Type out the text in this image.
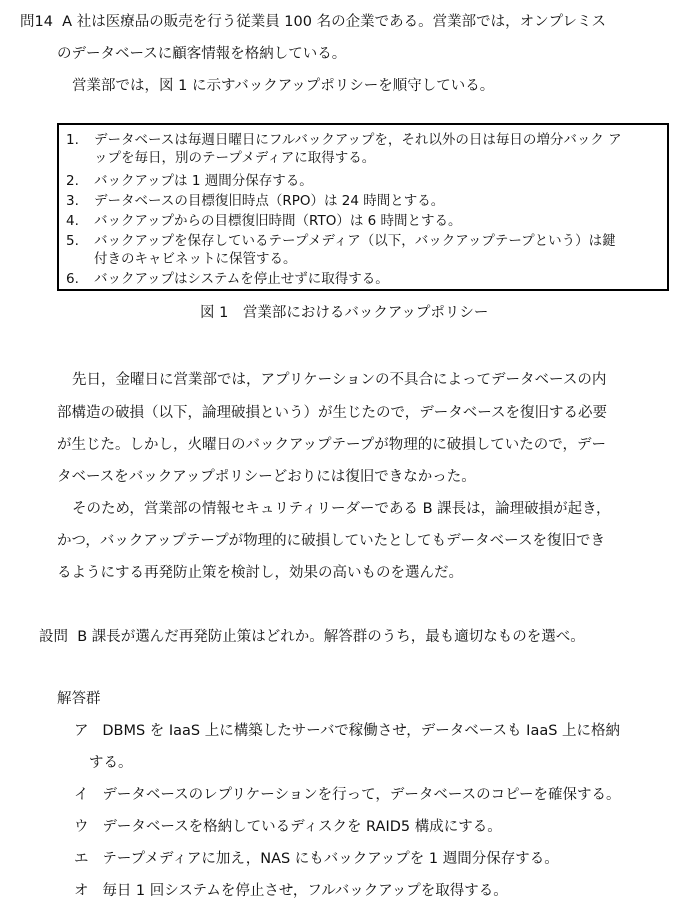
問14 A 社は医療品の販売を行う従業員 100 名の企業である。営業部では，オンプレミス
のデータベースに顧客情報を格納している。
営業部では，図 1 に示すバックアップポリシーを順守している。
1. データベースは毎週日曜日にフルバックアップを，それ以外の日は毎日の増分バック ア
ップを毎日，別のテープメディアに取得する。
2. バックアップは 1 週間分保存する。
3. データベースの目標復旧時点（RPO）は 24 時間とする。
4. バックアップからの目標復旧時間（RTO）は 6 時間とする。
5. バックアップを保存しているテープメディア（以下，バックアップテープという）は鍵
付きのキャビネットに保管する。
6. バックアップはシステムを停止せずに取得する。
図 1　営業部におけるバックアップポリシー
先日，金曜日に営業部では，アプリケーションの不具合によってデータベースの内
部構造の破損（以下，論理破損という）が生じたので，データベースを復旧する必要
が生じた。しかし，火曜日のバックアップテープが物理的に破損していたので，デー
タベースをバックアップポリシーどおりには復旧できなかった。
そのため，営業部の情報セキュリティリーダーである B 課長は，論理破損が起き，
かつ，バックアップテープが物理的に破損していたとしてもデータベースを復旧でき
るようにする再発防止策を検討し，効果の高いものを選んだ。
設問 B 課長が選んだ再発防止策はどれか。解答群のうち，最も適切なものを選べ。
解答群
ア DBMS を IaaS 上に構築したサーバで稼働させ，データベースも IaaS 上に格納
する。
イ データベースのレプリケーションを行って，データベースのコピーを確保する。
ウ データベースを格納しているディスクを RAID5 構成にする。
エ テープメディアに加え，NAS にもバックアップを 1 週間分保存する。
オ 毎日 1 回システムを停止させ，フルバックアップを取得する。
